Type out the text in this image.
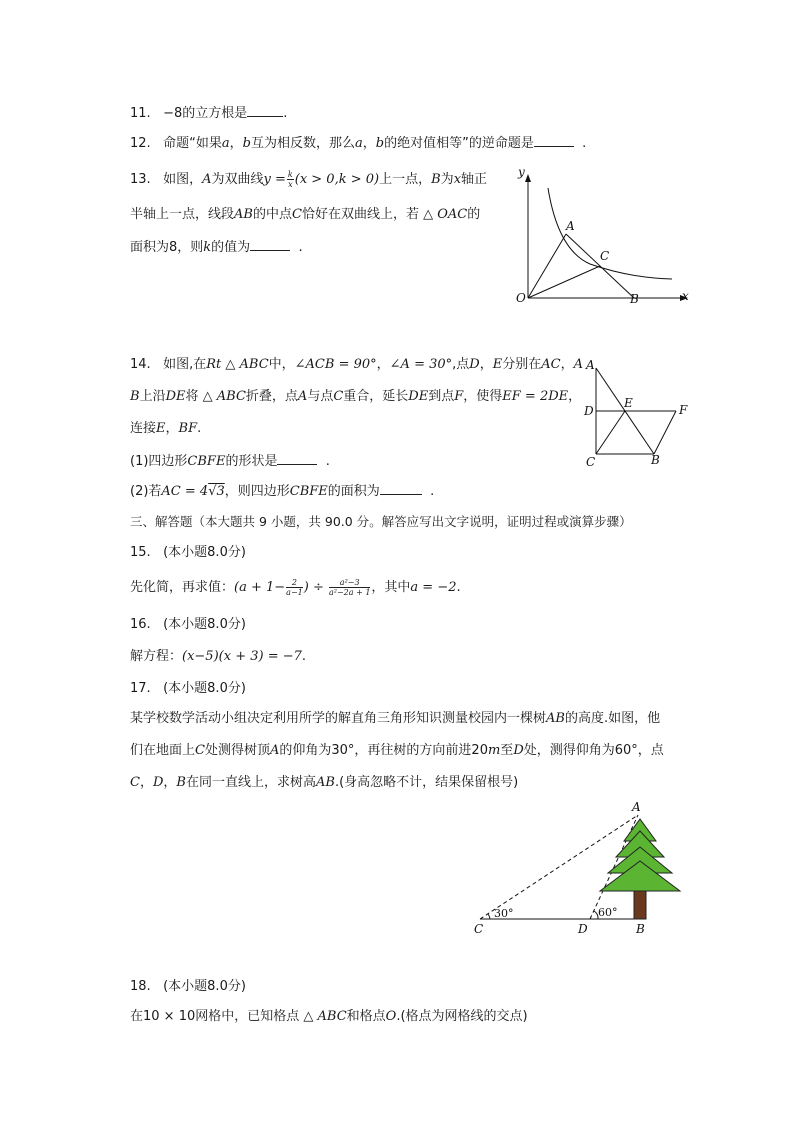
11. −8的立方根是	.
12. 命题“如果a，b互为相反数，那么a，b的绝对值相等”的逆命题是	.
13. 如图，A为双曲线$y = \frac{k}{x} (x > 0,k > 0)$上一点，B为x轴正
半轴上一点，线段AB的中点C恰好在双曲线上，若 △ OAC的
面积为8，则k的值为	.
y
x
O
A
C
B
14. 如图,在Rt △ ABC中，∠ACB = 90°，∠A = 30°,点D，E分别在AC，A
B上沿DE将 △ ABC折叠，点A与点C重合，延长DE到点F，使得EF = 2DE，
连接E，BF.
(1)四边形CBFE的形状是	.
(2)若AC = 4√3，则四边形CBFE的面积为	.
A
D
E	F
C	B
三、解答题（本大题共 9 小题，共 90.0 分。解答应写出文字说明，证明过程或演算步骤）
15. (本小题8.0分)
先化简，再求值：($a + 1- \frac{2}{a-1}$ ) ÷ $\frac{\text{a²−3}}{\text{a²−2a + 1}}$ ，其中a = −2.
16. (本小题8.0分)
解方程：(x−5)(x + 3) = −7.
17. (本小题8.0分)
某学校数学活动小组决定利用所学的解直角三角形知识测量校园内一棵树AB的高度.如图，他
们在地面上C处测得树顶A的仰角为30°，再往树的方向前进20m至D处，测得仰角为60°，点
C，D，B在同一直线上，求树高AB.(身高忽略不计，结果保留根号)
A
C	D	B
30°	60°
18. (本小题8.0分)
在10 × 10网格中，已知格点 △ ABC和格点O.(格点为网格线的交点)
